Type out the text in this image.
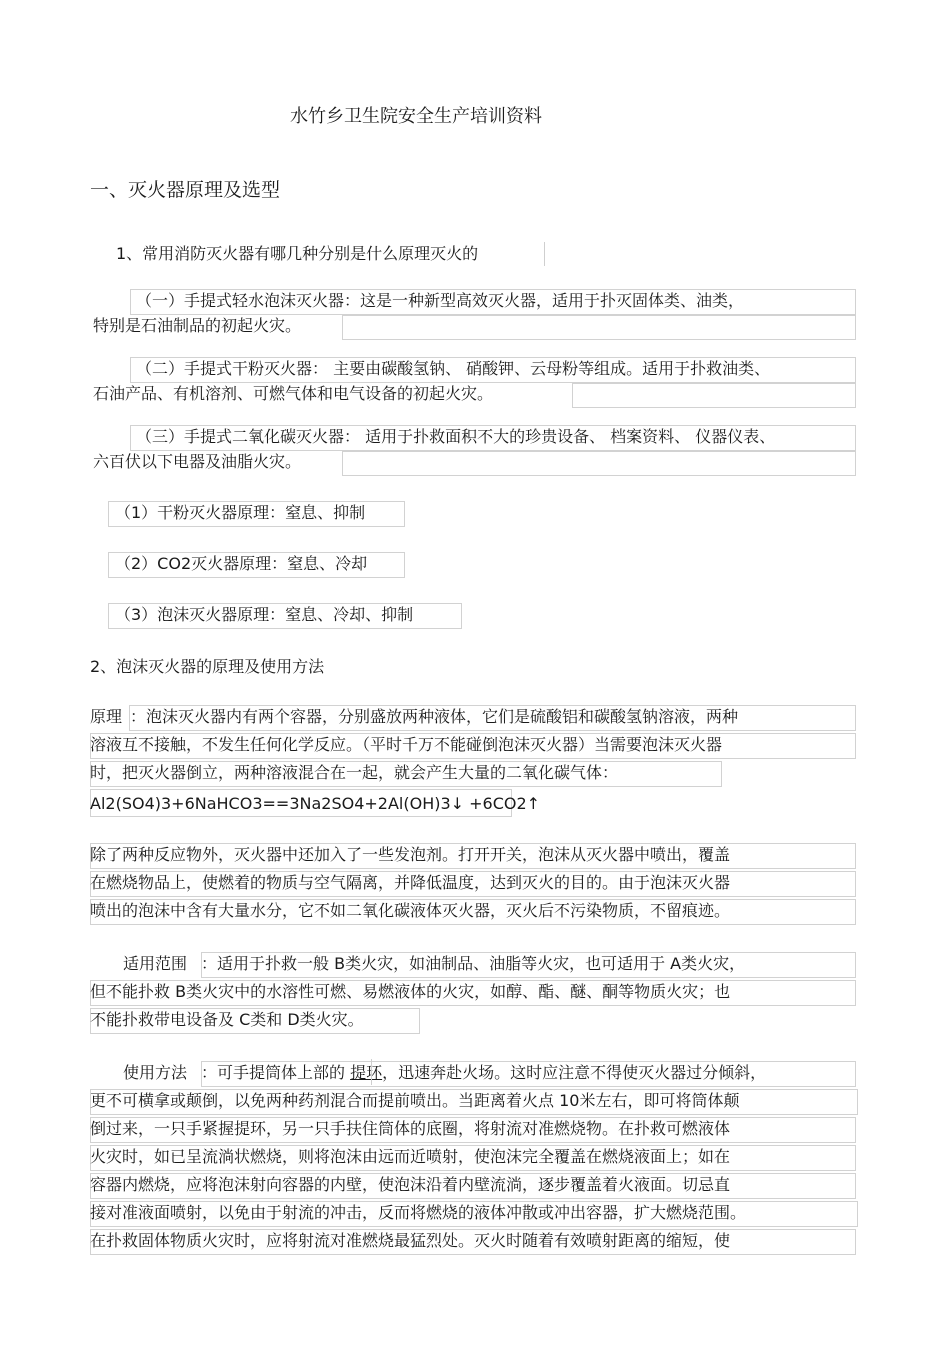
水竹乡卫生院安全生产培训资料
一、灭火器原理及选型
1、常用消防灭火器有哪几种分别是什么原理灭火的
（一）手提式轻水泡沫灭火器：这是一种新型高效灭火器，适用于扑灭固体类、油类，
特别是石油制品的初起火灾。
（二）手提式干粉灭火器： 主要由碳酸氢钠、 硝酸钾、云母粉等组成。适用于扑救油类、
石油产品、有机溶剂、可燃气体和电气设备的初起火灾。
（三）手提式二氧化碳灭火器： 适用于扑救面积不大的珍贵设备、 档案资料、 仪器仪表、
六百伏以下电器及油脂火灾。
（1）干粉灭火器原理：窒息、抑制
（2）CO2灭火器原理：窒息、冷却
（3）泡沫灭火器原理：窒息、冷却、抑制
2、泡沫灭火器的原理及使用方法
原理 ：泡沫灭火器内有两个容器，分别盛放两种液体，它们是硫酸铝和碳酸氢钠溶液，两种
溶液互不接触，不发生任何化学反应。（平时千万不能碰倒泡沫灭火器）当需要泡沫灭火器
时，把灭火器倒立，两种溶液混合在一起，就会产生大量的二氧化碳气体：
Al2(SO4)3+6NaHCO3==3Na2SO4+2Al(OH)3↓ +6CO2↑
除了两种反应物外，灭火器中还加入了一些发泡剂。打开开关，泡沫从灭火器中喷出，覆盖
在燃烧物品上，使燃着的物质与空气隔离，并降低温度，达到灭火的目的。由于泡沫灭火器
喷出的泡沫中含有大量水分，它不如二氧化碳液体灭火器，灭火后不污染物质，不留痕迹。
适用范围 ：适用于扑救一般 B类火灾，如油制品、油脂等火灾，也可适用于 A类火灾，
但不能扑救 B类火灾中的水溶性可燃、易燃液体的火灾，如醇、酯、醚、酮等物质火灾；也
不能扑救带电设备及 C类和 D类火灾。
使用方法 ：可手提筒体上部的 提环，迅速奔赴火场。这时应注意不得使灭火器过分倾斜，
更不可横拿或颠倒，以免两种药剂混合而提前喷出。当距离着火点 10米左右，即可将筒体颠
倒过来，一只手紧握提环，另一只手扶住筒体的底圈，将射流对准燃烧物。在扑救可燃液体
火灾时，如已呈流淌状燃烧，则将泡沫由远而近喷射，使泡沫完全覆盖在燃烧液面上；如在
容器内燃烧，应将泡沫射向容器的内壁，使泡沫沿着内壁流淌，逐步覆盖着火液面。切忌直
接对准液面喷射，以免由于射流的冲击，反而将燃烧的液体冲散或冲出容器，扩大燃烧范围。
在扑救固体物质火灾时，应将射流对准燃烧最猛烈处。灭火时随着有效喷射距离的缩短，使
